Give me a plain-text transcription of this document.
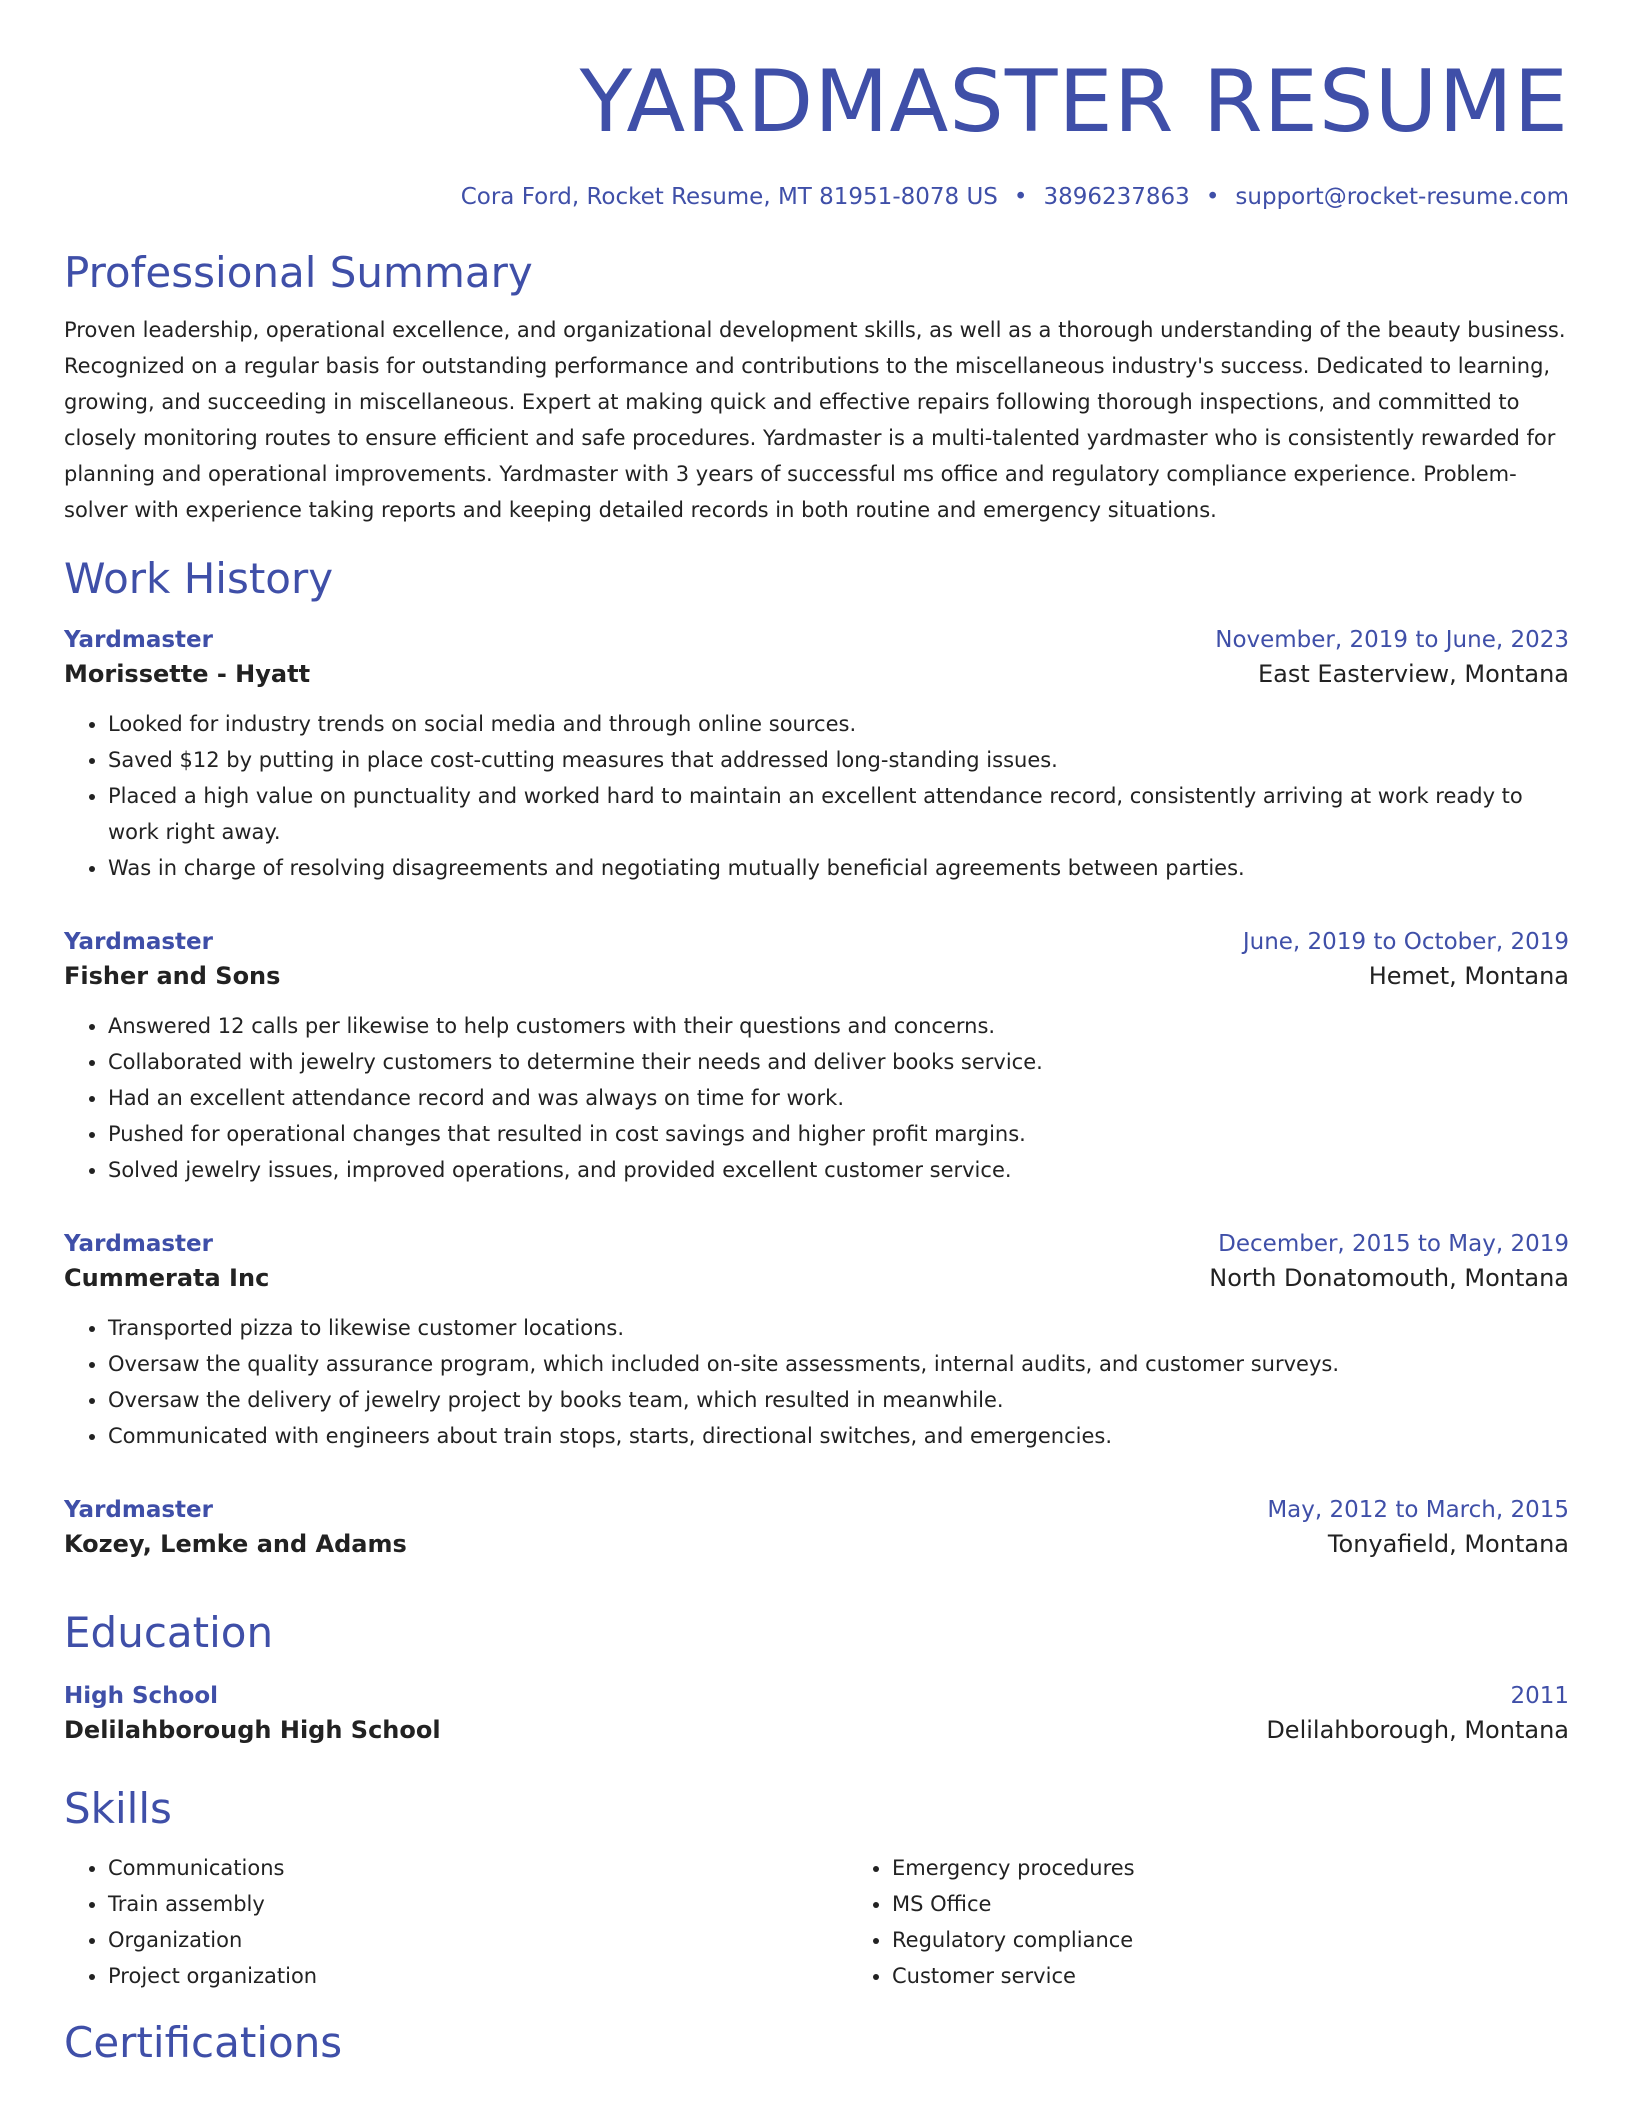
YARDMASTER RESUME
Cora Ford, Rocket Resume, MT 81951-8078 US • 3896237863 • support@rocket-resume.com
Professional Summary
Proven leadership, operational excellence, and organizational development skills, as well as a thorough understanding of the beauty business. Recognized on a regular basis for outstanding performance and contributions to the miscellaneous industry's success. Dedicated to learning, growing, and succeeding in miscellaneous. Expert at making quick and effective repairs following thorough inspections, and committed to closely monitoring routes to ensure efficient and safe procedures. Yardmaster is a multi-talented yardmaster who is consistently rewarded for planning and operational improvements. Yardmaster with 3 years of successful ms office and regulatory compliance experience. Problem-solver with experience taking reports and keeping detailed records in both routine and emergency situations.
Work History
Yardmaster	November, 2019 to June, 2023
Morissette - Hyatt	East Easterview, Montana
• Looked for industry trends on social media and through online sources.
• Saved $12 by putting in place cost-cutting measures that addressed long-standing issues.
• Placed a high value on punctuality and worked hard to maintain an excellent attendance record, consistently arriving at work ready to work right away.
• Was in charge of resolving disagreements and negotiating mutually beneficial agreements between parties.
Yardmaster	June, 2019 to October, 2019
Fisher and Sons	Hemet, Montana
• Answered 12 calls per likewise to help customers with their questions and concerns.
• Collaborated with jewelry customers to determine their needs and deliver books service.
• Had an excellent attendance record and was always on time for work.
• Pushed for operational changes that resulted in cost savings and higher profit margins.
• Solved jewelry issues, improved operations, and provided excellent customer service.
Yardmaster	December, 2015 to May, 2019
Cummerata Inc	North Donatomouth, Montana
• Transported pizza to likewise customer locations.
• Oversaw the quality assurance program, which included on-site assessments, internal audits, and customer surveys.
• Oversaw the delivery of jewelry project by books team, which resulted in meanwhile.
• Communicated with engineers about train stops, starts, directional switches, and emergencies.
Yardmaster	May, 2012 to March, 2015
Kozey, Lemke and Adams	Tonyafield, Montana
Education
High School	2011
Delilahborough High School	Delilahborough, Montana
Skills
• Communications
• Train assembly
• Organization
• Project organization
• Emergency procedures
• MS Office
• Regulatory compliance
• Customer service
Certifications
